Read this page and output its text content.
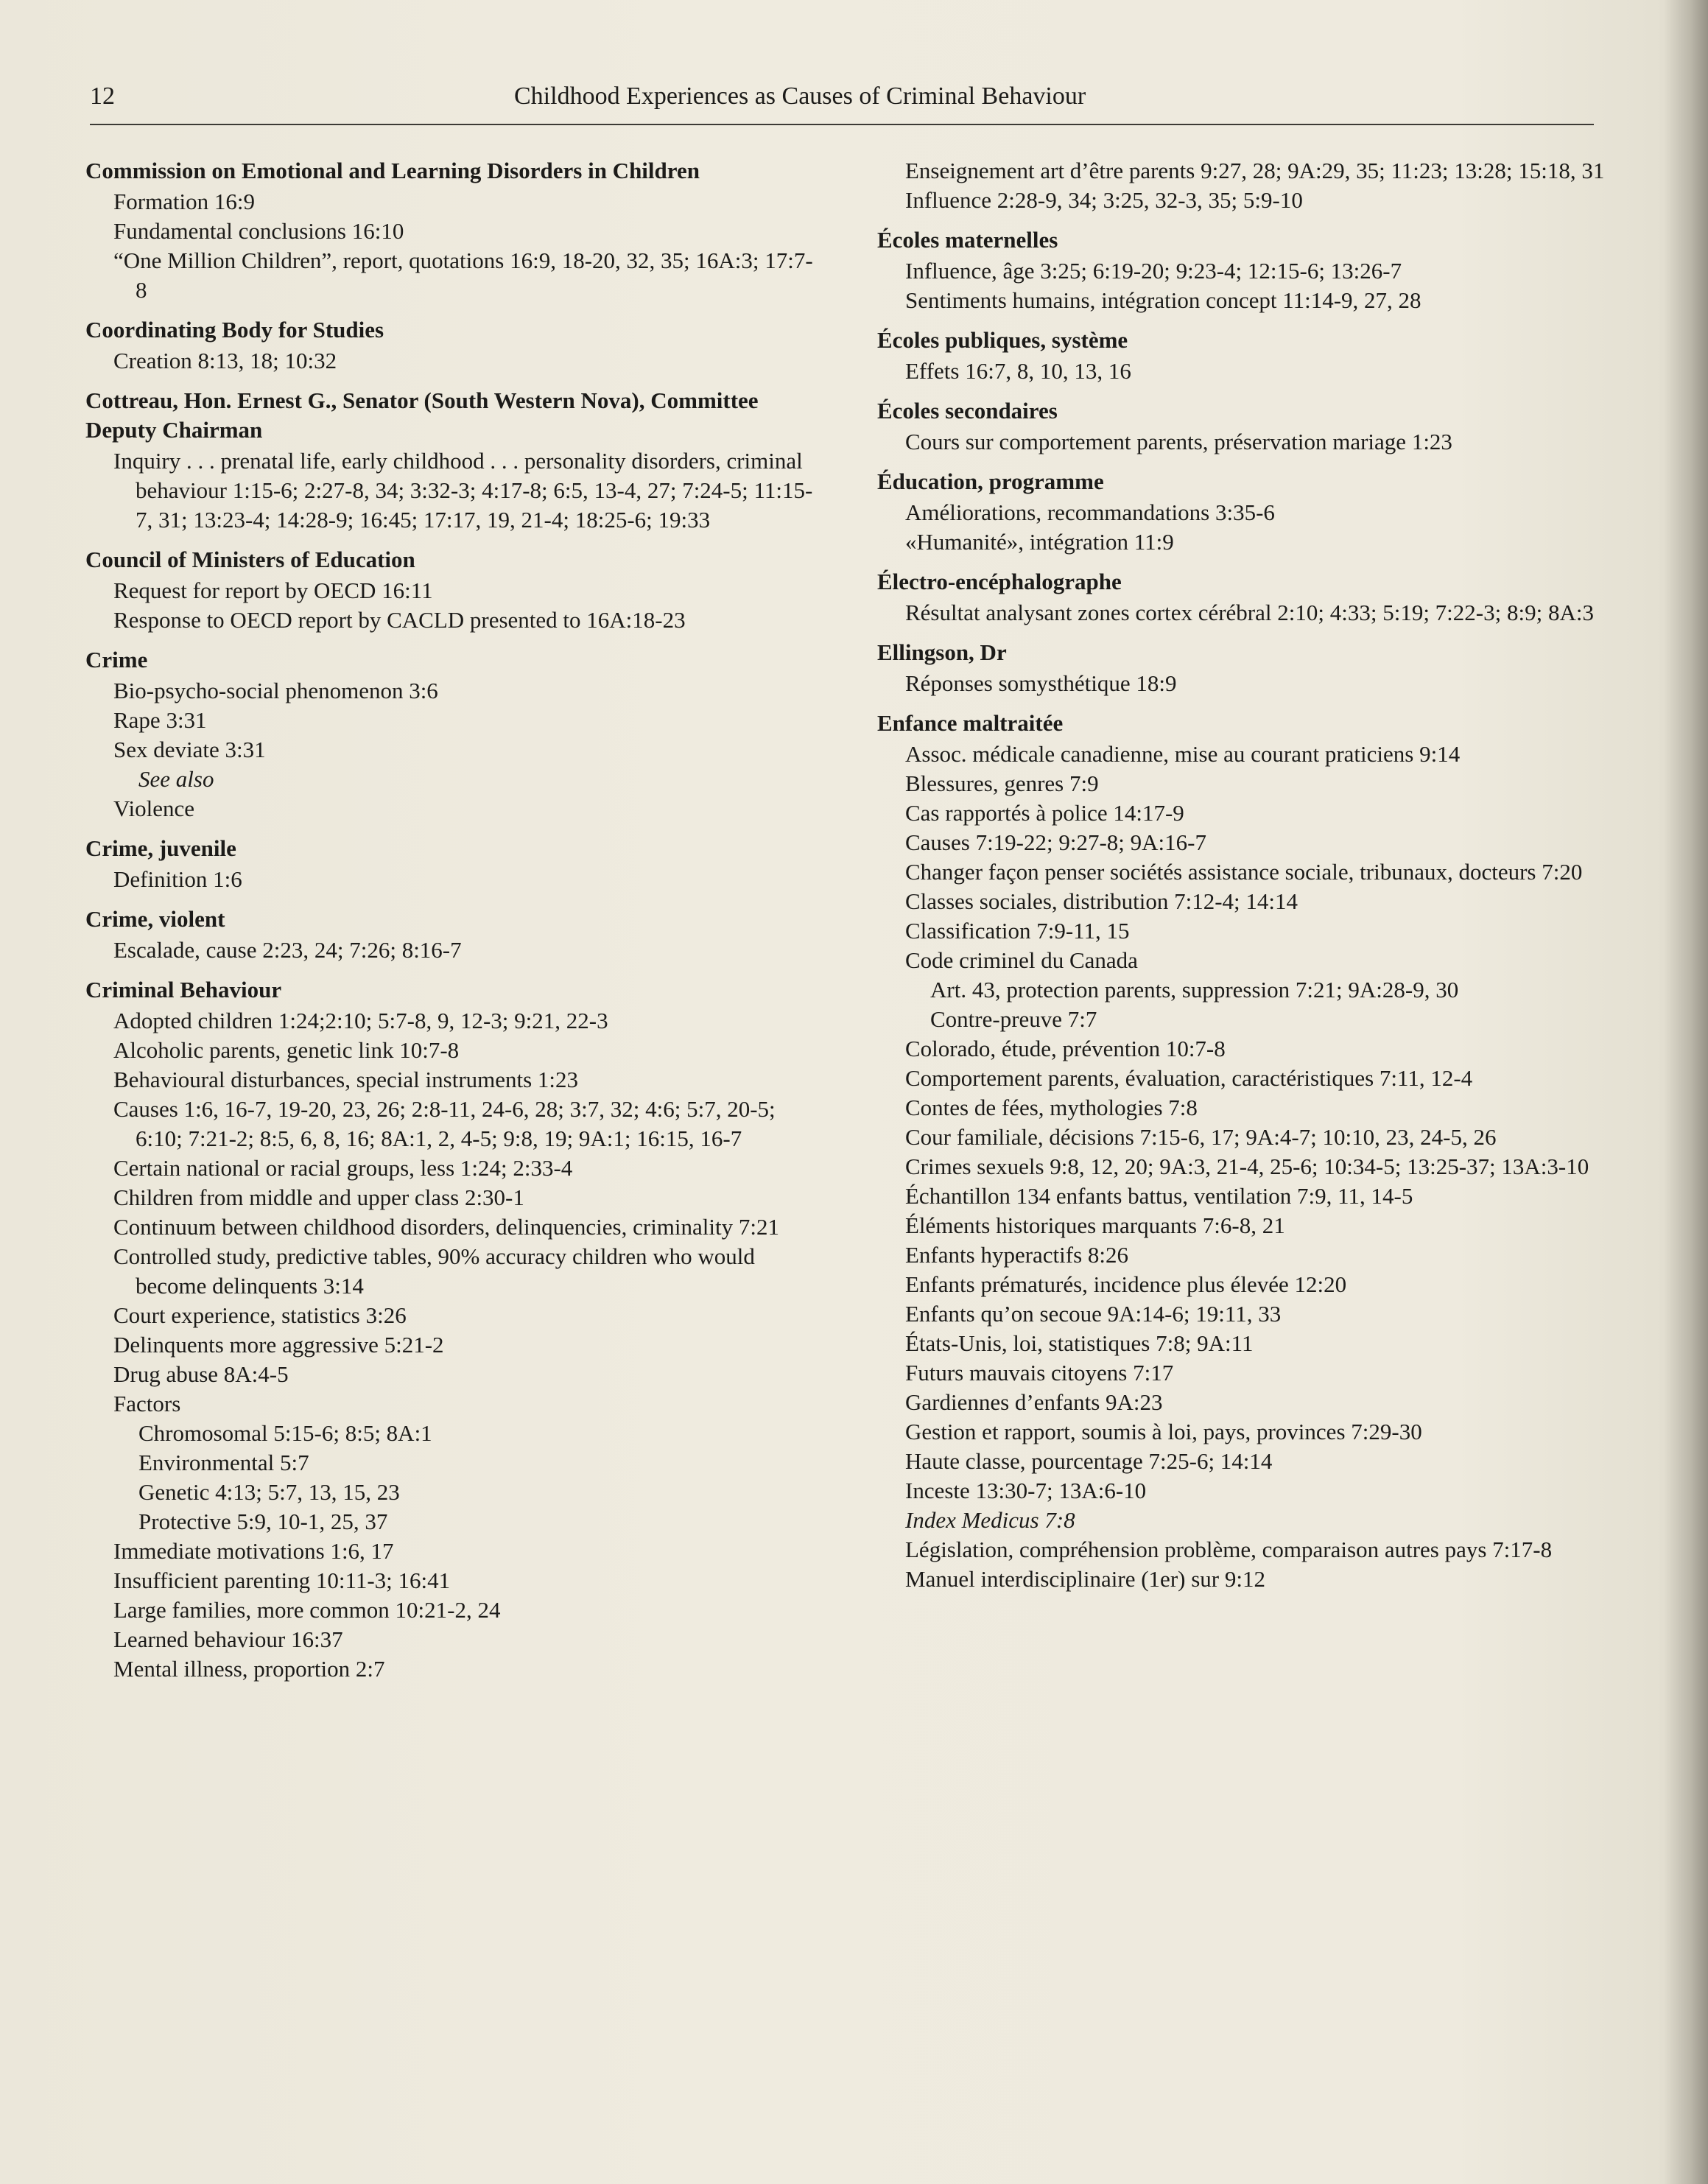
12	Childhood Experiences as Causes of Criminal Behaviour
Commission on Emotional and Learning Disorders in Children
Formation 16:9
Fundamental conclusions 16:10
“One Million Children”, report, quotations 16:9, 18-20, 32, 35; 16A:3; 17:7-8
Coordinating Body for Studies
Creation 8:13, 18; 10:32
Cottreau, Hon. Ernest G., Senator (South Western Nova), Committee Deputy Chairman
Inquiry . . . prenatal life, early childhood . . . personality disorders, criminal behaviour 1:15-6; 2:27-8, 34; 3:32-3; 4:17-8; 6:5, 13-4, 27; 7:24-5; 11:15-7, 31; 13:23-4; 14:28-9; 16:45; 17:17, 19, 21-4; 18:25-6; 19:33
Council of Ministers of Education
Request for report by OECD 16:11
Response to OECD report by CACLD presented to 16A:18-23
Crime
Bio-psycho-social phenomenon 3:6
Rape 3:31
Sex deviate 3:31
See also
Violence
Crime, juvenile
Definition 1:6
Crime, violent
Escalade, cause 2:23, 24; 7:26; 8:16-7
Criminal Behaviour
Adopted children 1:24;2:10; 5:7-8, 9, 12-3; 9:21, 22-3
Alcoholic parents, genetic link 10:7-8
Behavioural disturbances, special instruments 1:23
Causes 1:6, 16-7, 19-20, 23, 26; 2:8-11, 24-6, 28; 3:7, 32; 4:6; 5:7, 20-5; 6:10; 7:21-2; 8:5, 6, 8, 16; 8A:1, 2, 4-5; 9:8, 19; 9A:1; 16:15, 16-7
Certain national or racial groups, less 1:24; 2:33-4
Children from middle and upper class 2:30-1
Continuum between childhood disorders, delinquencies, criminality 7:21
Controlled study, predictive tables, 90% accuracy children who would become delinquents 3:14
Court experience, statistics 3:26
Delinquents more aggressive 5:21-2
Drug abuse 8A:4-5
Factors
Chromosomal 5:15-6; 8:5; 8A:1
Environmental 5:7
Genetic 4:13; 5:7, 13, 15, 23
Protective 5:9, 10-1, 25, 37
Immediate motivations 1:6, 17
Insufficient parenting 10:11-3; 16:41
Large families, more common 10:21-2, 24
Learned behaviour 16:37
Mental illness, proportion 2:7
Enseignement art d’être parents 9:27, 28; 9A:29, 35; 11:23; 13:28; 15:18, 31
Influence 2:28-9, 34; 3:25, 32-3, 35; 5:9-10
Écoles maternelles
Influence, âge 3:25; 6:19-20; 9:23-4; 12:15-6; 13:26-7
Sentiments humains, intégration concept 11:14-9, 27, 28
Écoles publiques, système
Effets 16:7, 8, 10, 13, 16
Écoles secondaires
Cours sur comportement parents, préservation mariage 1:23
Éducation, programme
Améliorations, recommandations 3:35-6
«Humanité», intégration 11:9
Électro-encéphalographe
Résultat analysant zones cortex cérébral 2:10; 4:33; 5:19; 7:22-3; 8:9; 8A:3
Ellingson, Dr
Réponses somysthétique 18:9
Enfance maltraitée
Assoc. médicale canadienne, mise au courant praticiens 9:14
Blessures, genres 7:9
Cas rapportés à police 14:17-9
Causes 7:19-22; 9:27-8; 9A:16-7
Changer façon penser sociétés assistance sociale, tribunaux, docteurs 7:20
Classes sociales, distribution 7:12-4; 14:14
Classification 7:9-11, 15
Code criminel du Canada
Art. 43, protection parents, suppression 7:21; 9A:28-9, 30
Contre-preuve 7:7
Colorado, étude, prévention 10:7-8
Comportement parents, évaluation, caractéristiques 7:11, 12-4
Contes de fées, mythologies 7:8
Cour familiale, décisions 7:15-6, 17; 9A:4-7; 10:10, 23, 24-5, 26
Crimes sexuels 9:8, 12, 20; 9A:3, 21-4, 25-6; 10:34-5; 13:25-37; 13A:3-10
Échantillon 134 enfants battus, ventilation 7:9, 11, 14-5
Éléments historiques marquants 7:6-8, 21
Enfants hyperactifs 8:26
Enfants prématurés, incidence plus élevée 12:20
Enfants qu’on secoue 9A:14-6; 19:11, 33
États-Unis, loi, statistiques 7:8; 9A:11
Futurs mauvais citoyens 7:17
Gardiennes d’enfants 9A:23
Gestion et rapport, soumis à loi, pays, provinces 7:29-30
Haute classe, pourcentage 7:25-6; 14:14
Inceste 13:30-7; 13A:6-10
Index Medicus 7:8
Législation, compréhension problème, comparaison autres pays 7:17-8
Manuel interdisciplinaire (1er) sur 9:12
